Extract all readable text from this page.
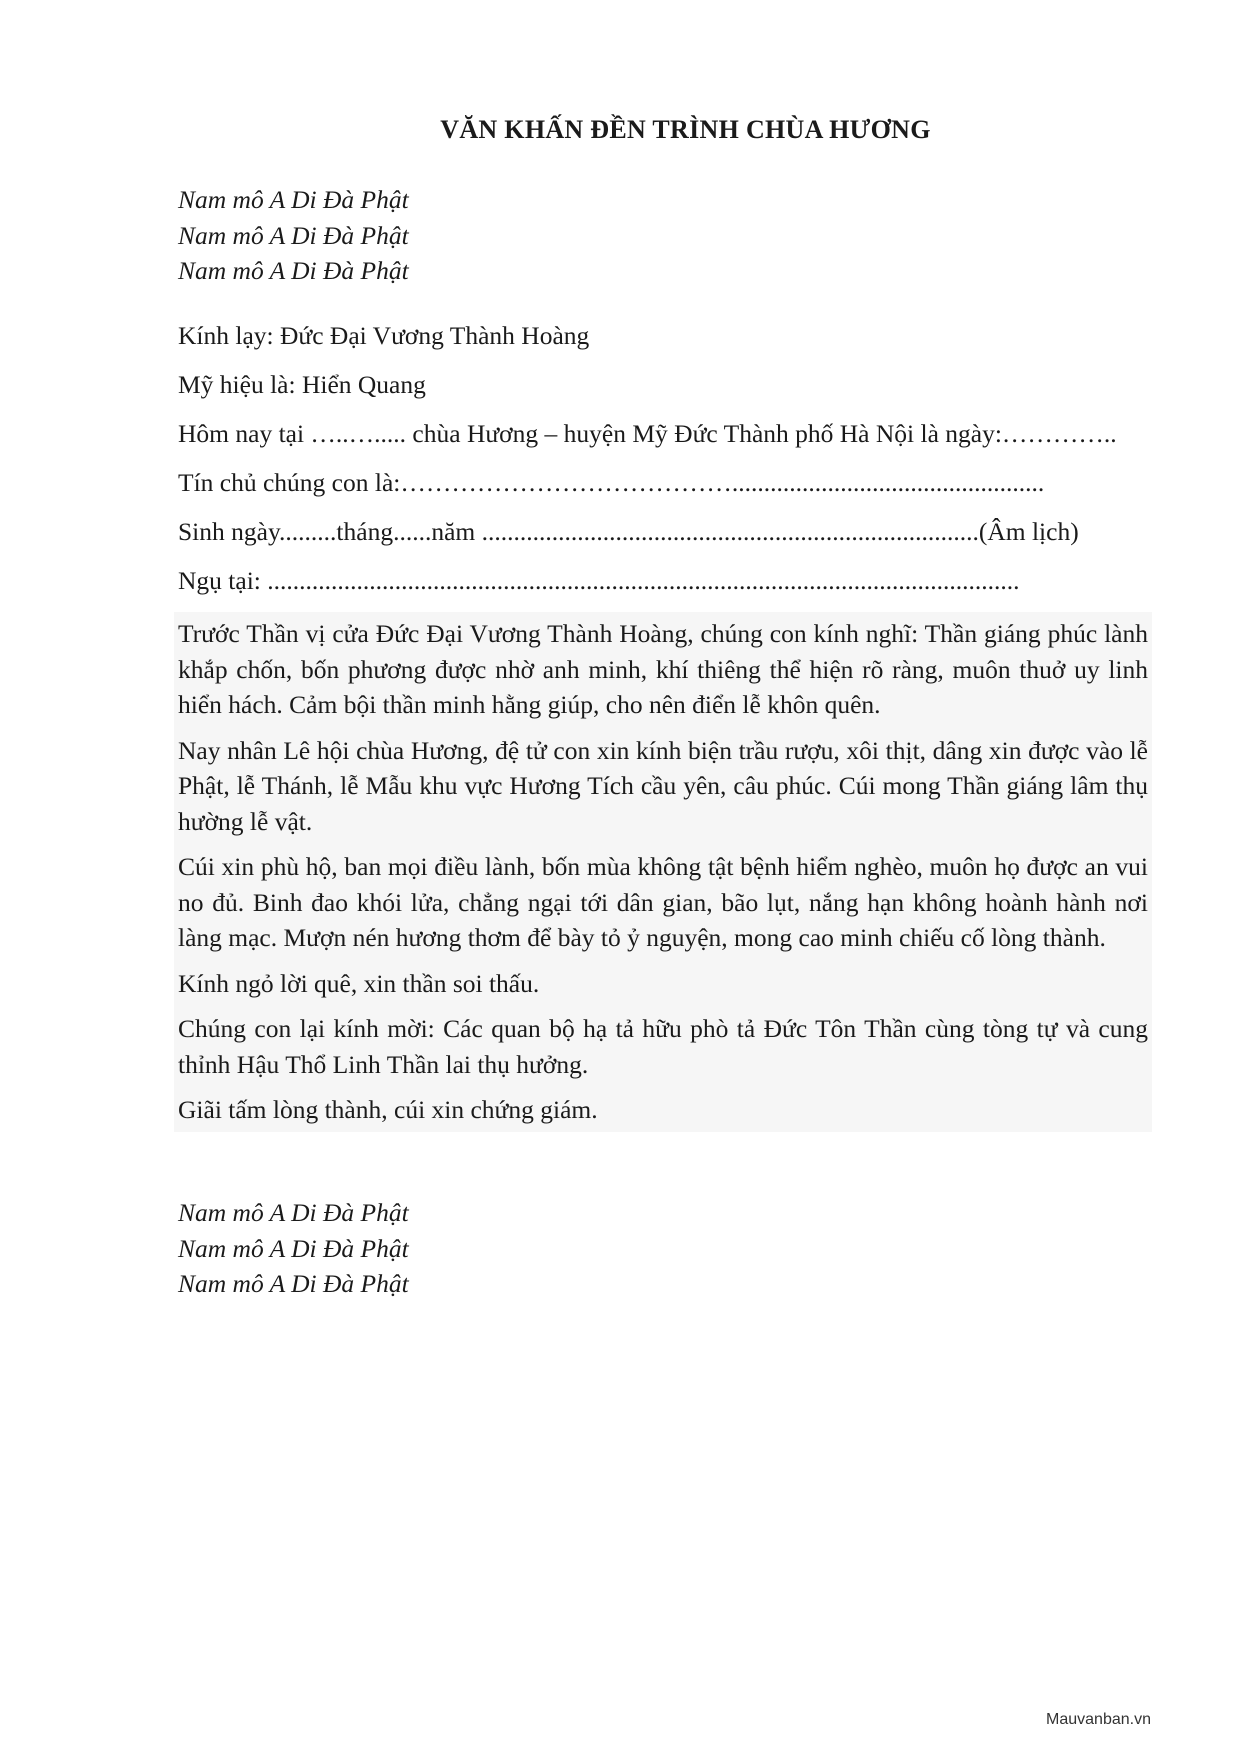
VĂN KHẤN ĐỀN TRÌNH CHÙA HƯƠNG
Nam mô A Di Đà Phật
Nam mô A Di Đà Phật
Nam mô A Di Đà Phật
Kính lạy: Đức Đại Vương Thành Hoàng
Mỹ hiệu là: Hiển Quang
Hôm nay tại …..…..... chùa Hương – huyện Mỹ Đức Thành phố Hà Nội là ngày:…………..
Tín chủ chúng con là:………………………………….................................................
Sinh ngày.........tháng......năm ..............................................................................(Âm lịch)
Ngụ tại: ......................................................................................................................
Trước Thần vị cửa Đức Đại Vương Thành Hoàng, chúng con kính nghĩ: Thần giáng phúc lành khắp chốn, bốn phương được nhờ anh minh, khí thiêng thể hiện rõ ràng, muôn thuở uy linh hiển hách. Cảm bội thần minh hằng giúp, cho nên điển lễ khôn quên.
Nay nhân Lê hội chùa Hương, đệ tử con xin kính biện trầu rượu, xôi thịt, dâng xin được vào lễ Phật, lễ Thánh, lễ Mẫu khu vực Hương Tích cầu yên, câu phúc. Cúi mong Thần giáng lâm thụ hường lễ vật.
Cúi xin phù hộ, ban mọi điều lành, bốn mùa không tật bệnh hiểm nghèo, muôn họ được an vui no đủ. Binh đao khói lửa, chẳng ngại tới dân gian, bão lụt, nắng hạn không hoành hành nơi làng mạc. Mượn nén hương thơm để bày tỏ ỷ nguyện, mong cao minh chiếu cố lòng thành.
Kính ngỏ lời quê, xin thần soi thấu.
Chúng con lại kính mời: Các quan bộ hạ tả hữu phò tả Đức Tôn Thần cùng tòng tự và cung thỉnh Hậu Thổ Linh Thần lai thụ hưởng.
Giãi tấm lòng thành, cúi xin chứng giám.
Nam mô A Di Đà Phật
Nam mô A Di Đà Phật
Nam mô A Di Đà Phật
Mauvanban.vn
